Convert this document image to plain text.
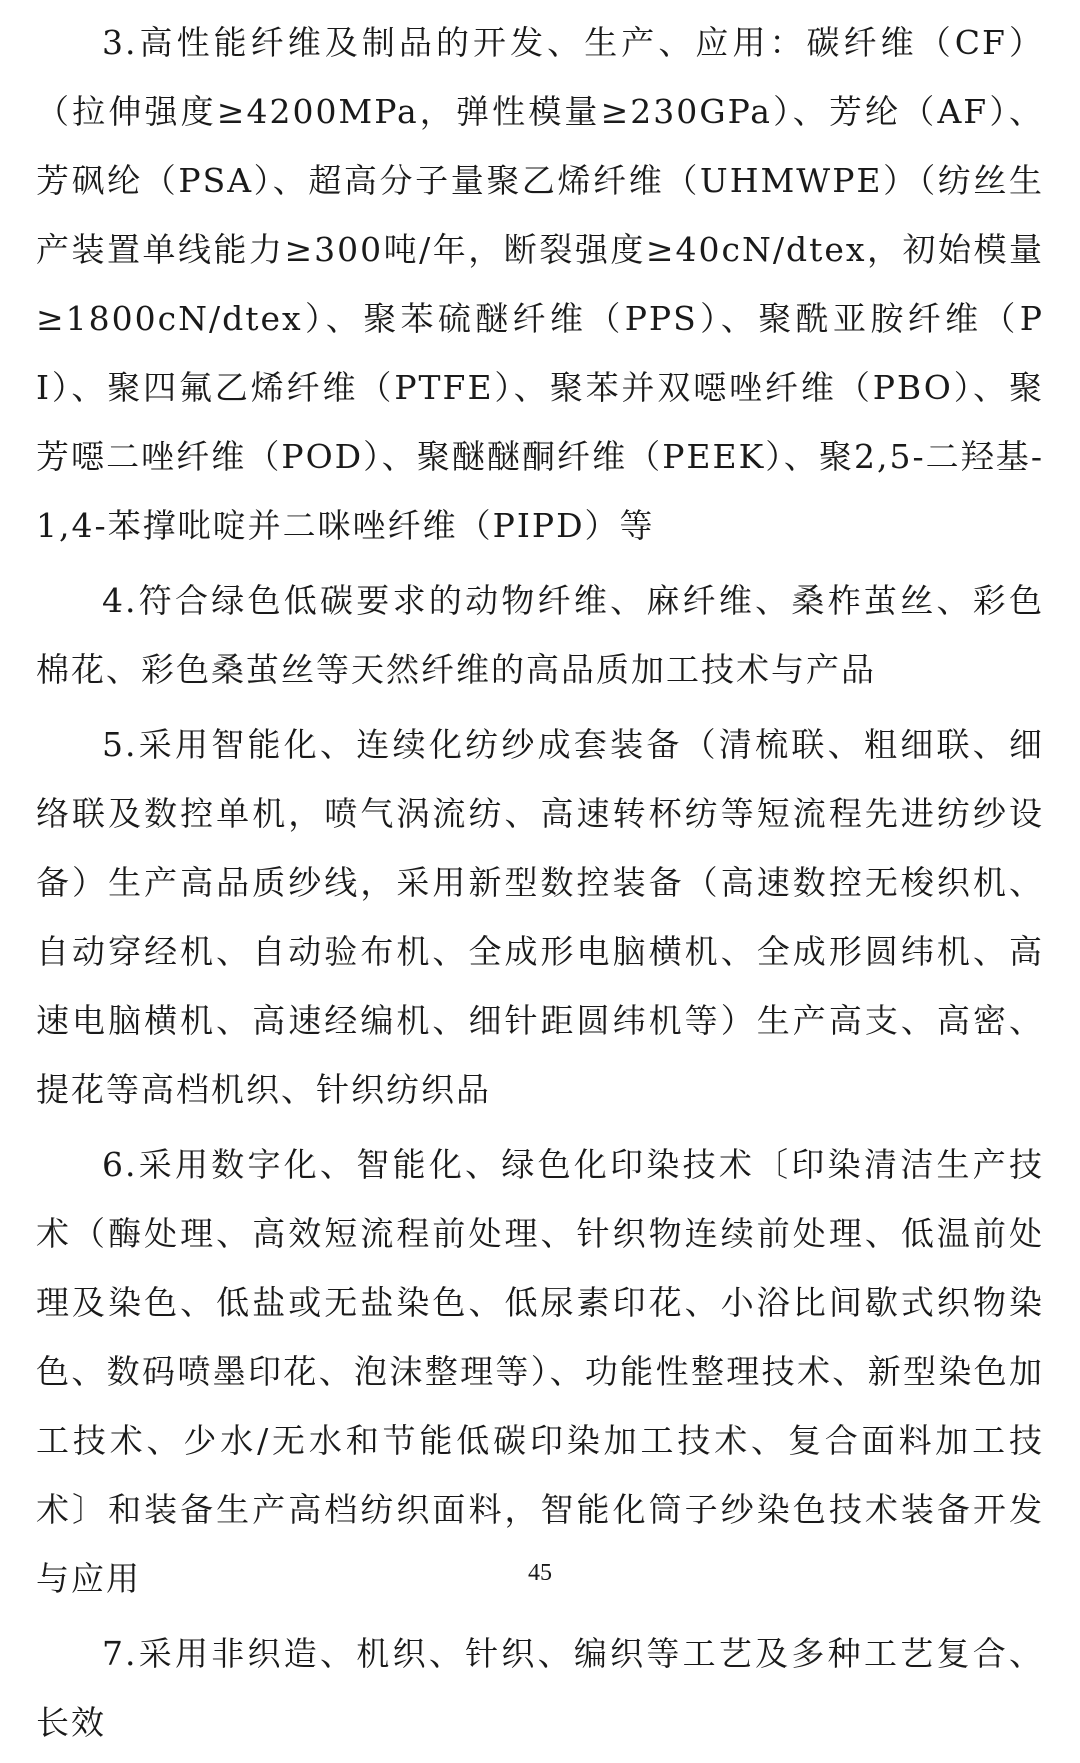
3.高性能纤维及制品的开发、生产、应用：碳纤维（CF）（拉伸强度≥4200MPa，弹性模量≥230GPa）、芳纶（AF）、芳砜纶（PSA）、超高分子量聚乙烯纤维（UHMWPE）（纺丝生产装置单线能力≥300吨/年，断裂强度≥40cN/dtex，初始模量≥1800cN/dtex）、聚苯硫醚纤维（PPS）、聚酰亚胺纤维（PI）、聚四氟乙烯纤维（PTFE）、聚苯并双噁唑纤维（PBO）、聚芳噁二唑纤维（POD）、聚醚醚酮纤维（PEEK）、聚2,5-二羟基-1,4-苯撑吡啶并二咪唑纤维（PIPD）等

4.符合绿色低碳要求的动物纤维、麻纤维、桑柞茧丝、彩色棉花、彩色桑茧丝等天然纤维的高品质加工技术与产品

5.采用智能化、连续化纺纱成套装备（清梳联、粗细联、细络联及数控单机，喷气涡流纺、高速转杯纺等短流程先进纺纱设备）生产高品质纱线，采用新型数控装备（高速数控无梭织机、自动穿经机、自动验布机、全成形电脑横机、全成形圆纬机、高速电脑横机、高速经编机、细针距圆纬机等）生产高支、高密、提花等高档机织、针织纺织品

6.采用数字化、智能化、绿色化印染技术〔印染清洁生产技术（酶处理、高效短流程前处理、针织物连续前处理、低温前处理及染色、低盐或无盐染色、低尿素印花、小浴比间歇式织物染色、数码喷墨印花、泡沫整理等）、功能性整理技术、新型染色加工技术、少水/无水和节能低碳印染加工技术、复合面料加工技术〕和装备生产高档纺织面料，智能化筒子纱染色技术装备开发与应用

7.采用非织造、机织、针织、编织等工艺及多种工艺复合、长效

45
